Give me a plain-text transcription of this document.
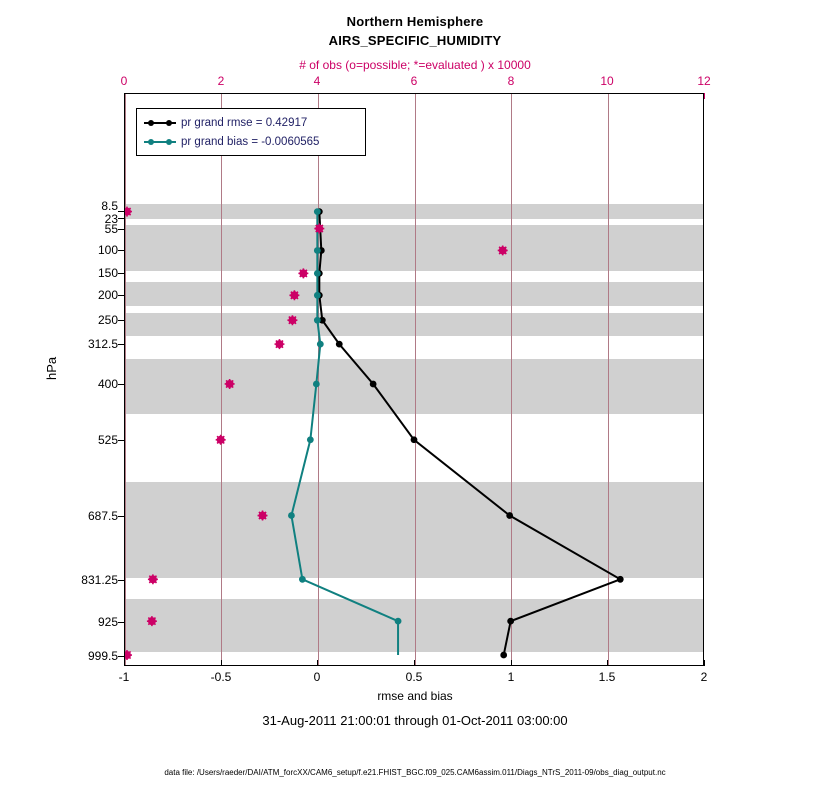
Northern Hemisphere
AIRS_SPECIFIC_HUMIDITY
# of obs (o=possible; *=evaluated ) x 10000
0	2	4	6	8	10	12
pr grand rmse = 0.42917
pr grand bias = -0.0060565
8.5
23
55
100
150
200
250
312.5
400
525
687.5
831.25
925
999.5
hPa
-1	-0.5	0	0.5	1	1.5	2
rmse and bias
31-Aug-2011 21:00:01 through 01-Oct-2011 03:00:00
data file: /Users/raeder/DAI/ATM_forcXX/CAM6_setup/f.e21.FHIST_BGC.f09_025.CAM6assim.011/Diags_NTrS_2011-09/obs_diag_output.nc
